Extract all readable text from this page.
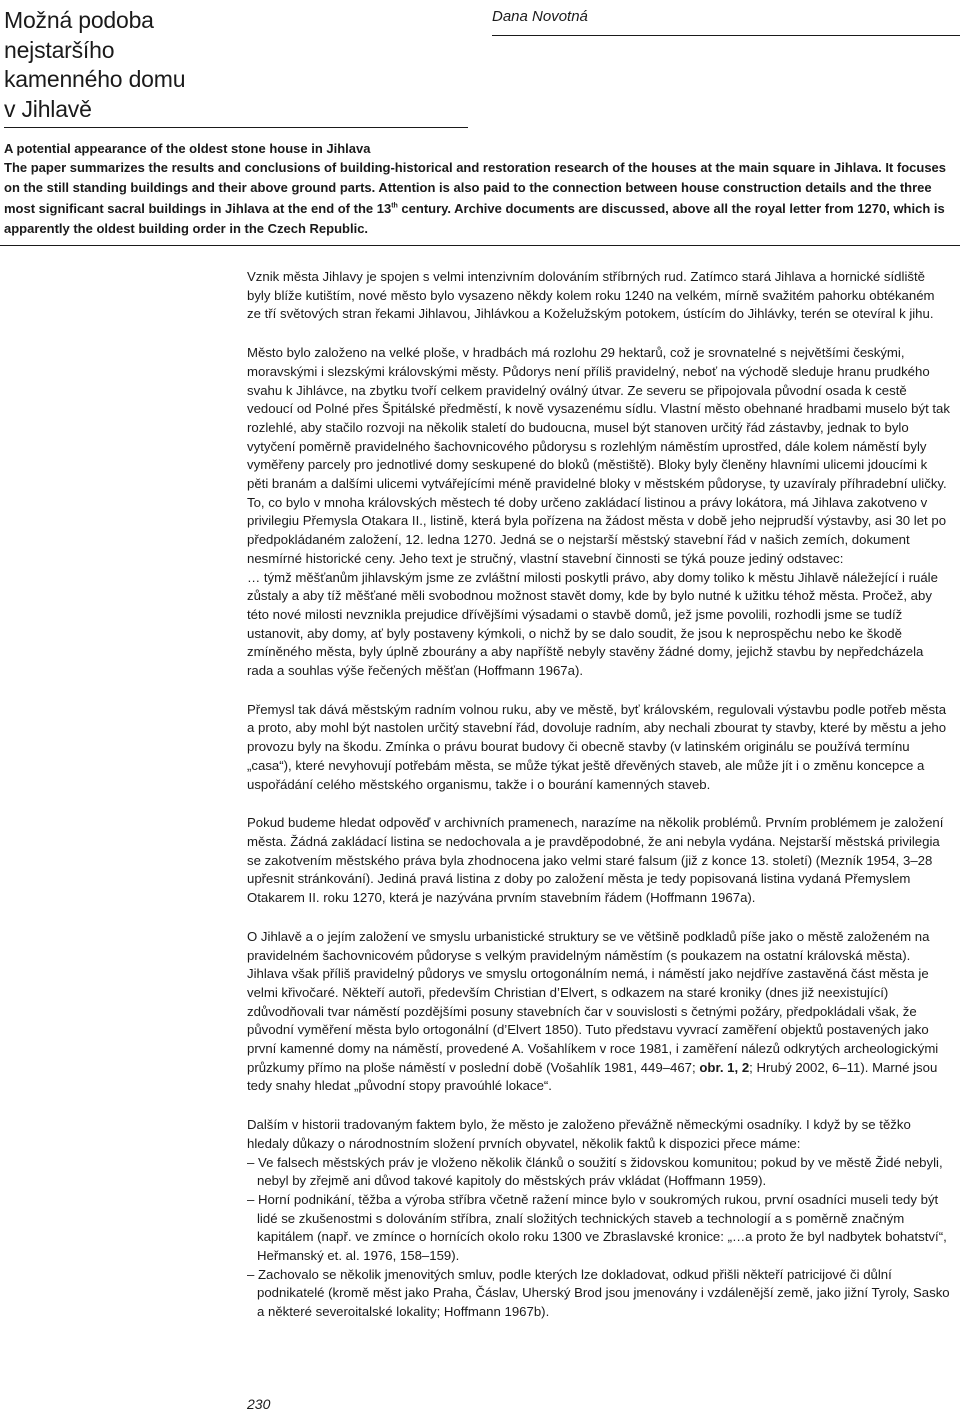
Možná podoba
nejstaršího
kamenného domu
v Jihlavě
Dana Novotná
A potential appearance of the oldest stone house in Jihlava
The paper summarizes the results and conclusions of building-historical and restoration research of the houses at the main square in Jihlava. It focuses on the still standing buildings and their above ground parts. Attention is also paid to the connection between house construction details and the three most significant sacral buildings in Jihlava at the end of the 13th century. Archive documents are discussed, above all the royal letter from 1270, which is apparently the oldest building order in the Czech Republic.

Vznik města Jihlavy je spojen s velmi intenzivním dolováním stříbrných rud. Zatímco stará Jihlava a hornické sídliště byly blíže kutištím, nové město bylo vysazeno někdy kolem roku 1240 na velkém, mírně svažitém pahorku obtékaném ze tří světových stran řekami Jihlavou, Jihlávkou a Koželužským potokem, ústícím do Jihlávky, terén se otevíral k jihu.

Město bylo založeno na velké ploše, v hradbách má rozlohu 29 hektarů, což je srovnatelné s největšími českými, moravskými i slezskými královskými městy. Půdorys není příliš pravidelný, neboť na východě sleduje hranu prudkého svahu k Jihlávce, na zbytku tvoří celkem pravidelný oválný útvar. Ze severu se připojovala původní osada k cestě vedoucí od Polné přes Špitálské předměstí, k nově vysazenému sídlu. Vlastní město obehnané hradbami muselo být tak rozlehlé, aby stačilo rozvoji na několik staletí do budoucna, musel být stanoven určitý řád zástavby, jednak to bylo vytyčení poměrně pravidelného šachovnicového půdorysu s rozlehlým náměstím uprostřed, dále kolem náměstí byly vyměřeny parcely pro jednotlivé domy seskupené do bloků (městiště). Bloky byly členěny hlavními ulicemi jdoucími k pěti branám a dalšími ulicemi vytvářejícími méně pravidelné bloky v městském půdoryse, ty uzavíraly příhradební uličky. To, co bylo v mnoha královských městech té doby určeno zakládací listinou a právy lokátora, má Jihlava zakotveno v privilegiu Přemysla Otakara II., listině, která byla pořízena na žádost města v době jeho nejprudší výstavby, asi 30 let po předpokládaném založení, 12. ledna 1270. Jedná se o nejstarší městský stavební řád v našich zemích, dokument nesmírné historické ceny. Jeho text je stručný, vlastní stavební činnosti se týká pouze jediný odstavec:
… týmž měšťanům jihlavským jsme ze zvláštní milosti poskytli právo, aby domy toliko k městu Jihlavě náležející i ruále zůstaly a aby tíž měšťané měli svobodnou možnost stavět domy, kde by bylo nutné k užitku téhož města. Pročež, aby této nové milosti nevznikla prejudice dřívějšími výsadami o stavbě domů, jež jsme povolili, rozhodli jsme se tudíž ustanovit, aby domy, ať byly postaveny kýmkoli, o nichž by se dalo soudit, že jsou k neprospěchu nebo ke škodě zmíněného města, byly úplně zbourány a aby napříště nebyly stavěny žádné domy, jejichž stavbu by nepředcházela rada a souhlas výše řečených měšťan (Hoffmann 1967a).

Přemysl tak dává městským radním volnou ruku, aby ve městě, byť královském, regulovali výstavbu podle potřeb města a proto, aby mohl být nastolen určitý stavební řád, dovoluje radním, aby nechali zbourat ty stavby, které by městu a jeho provozu byly na škodu. Zmínka o právu bourat budovy či obecně stavby (v latinském originálu se používá termínu „casa“), které nevyhovují potřebám města, se může týkat ještě dřevěných staveb, ale může jít i o změnu koncepce a uspořádání celého městského organismu, takže i o bourání kamenných staveb.

Pokud budeme hledat odpověď v archivních pramenech, narazíme na několik problémů. Prvním problémem je založení města. Žádná zakládací listina se nedochovala a je pravděpodobné, že ani nebyla vydána. Nejstarší městská privilegia se zakotvením městského práva byla zhodnocena jako velmi staré falsum (již z konce 13. století) (Mezník 1954, 3–28 upřesnit stránkování). Jediná pravá listina z doby po založení města je tedy popisovaná listina vydaná Přemyslem Otakarem II. roku 1270, která je nazývána prvním stavebním řádem (Hoffmann 1967a).

O Jihlavě a o jejím založení ve smyslu urbanistické struktury se ve většině podkladů píše jako o městě založeném na pravidelném šachovnicovém půdoryse s velkým pravidelným náměstím (s poukazem na ostatní královská města). Jihlava však příliš pravidelný půdorys ve smyslu ortogonálním nemá, i náměstí jako nejdříve zastavěná část města je velmi křivočaré. Někteří autoři, především Christian d’Elvert, s odkazem na staré kroniky (dnes již neexistující) zdůvodňovali tvar náměstí pozdějšími posuny stavebních čar v souvislosti s četnými požáry, předpokládali však, že původní vyměření města bylo ortogonální (d’Elvert 1850). Tuto představu vyvrací zaměření objektů postavených jako první kamenné domy na náměstí, provedené A. Vošahlíkem v roce 1981, i zaměření nálezů odkrytých archeologickými průzkumy přímo na ploše náměstí v poslední době (Vošahlík 1981, 449–467; obr. 1, 2; Hrubý 2002, 6–11). Marné jsou tedy snahy hledat „původní stopy pravoúhlé lokace“.

Dalším v historii tradovaným faktem bylo, že město je založeno převážně německými osadníky. I když by se těžko hledaly důkazy o národnostním složení prvních obyvatel, několik faktů k dispozici přece máme:
– Ve falsech městských práv je vloženo několik článků o soužití s židovskou komunitou; pokud by ve městě Židé nebyli, nebyl by zřejmě ani důvod takové kapitoly do městských práv vkládat (Hoffmann 1959).
– Horní podnikání, těžba a výroba stříbra včetně ražení mince bylo v soukromých rukou, první osadníci museli tedy být lidé se zkušenostmi s dolováním stříbra, znalí složitých technických staveb a technologií a s poměrně značným kapitálem (např. ve zmínce o hornících okolo roku 1300 ve Zbraslavské kronice: „…a proto že byl nadbytek bohatství“, Heřmanský et. al. 1976, 158–159).
– Zachovalo se několik jmenovitých smluv, podle kterých lze dokladovat, odkud přišli někteří patricijové či důlní podnikatelé (kromě měst jako Praha, Čáslav, Uherský Brod jsou jmenovány i vzdálenější země, jako jižní Tyroly, Sasko a některé severoitalské lokality; Hoffmann 1967b).
230
